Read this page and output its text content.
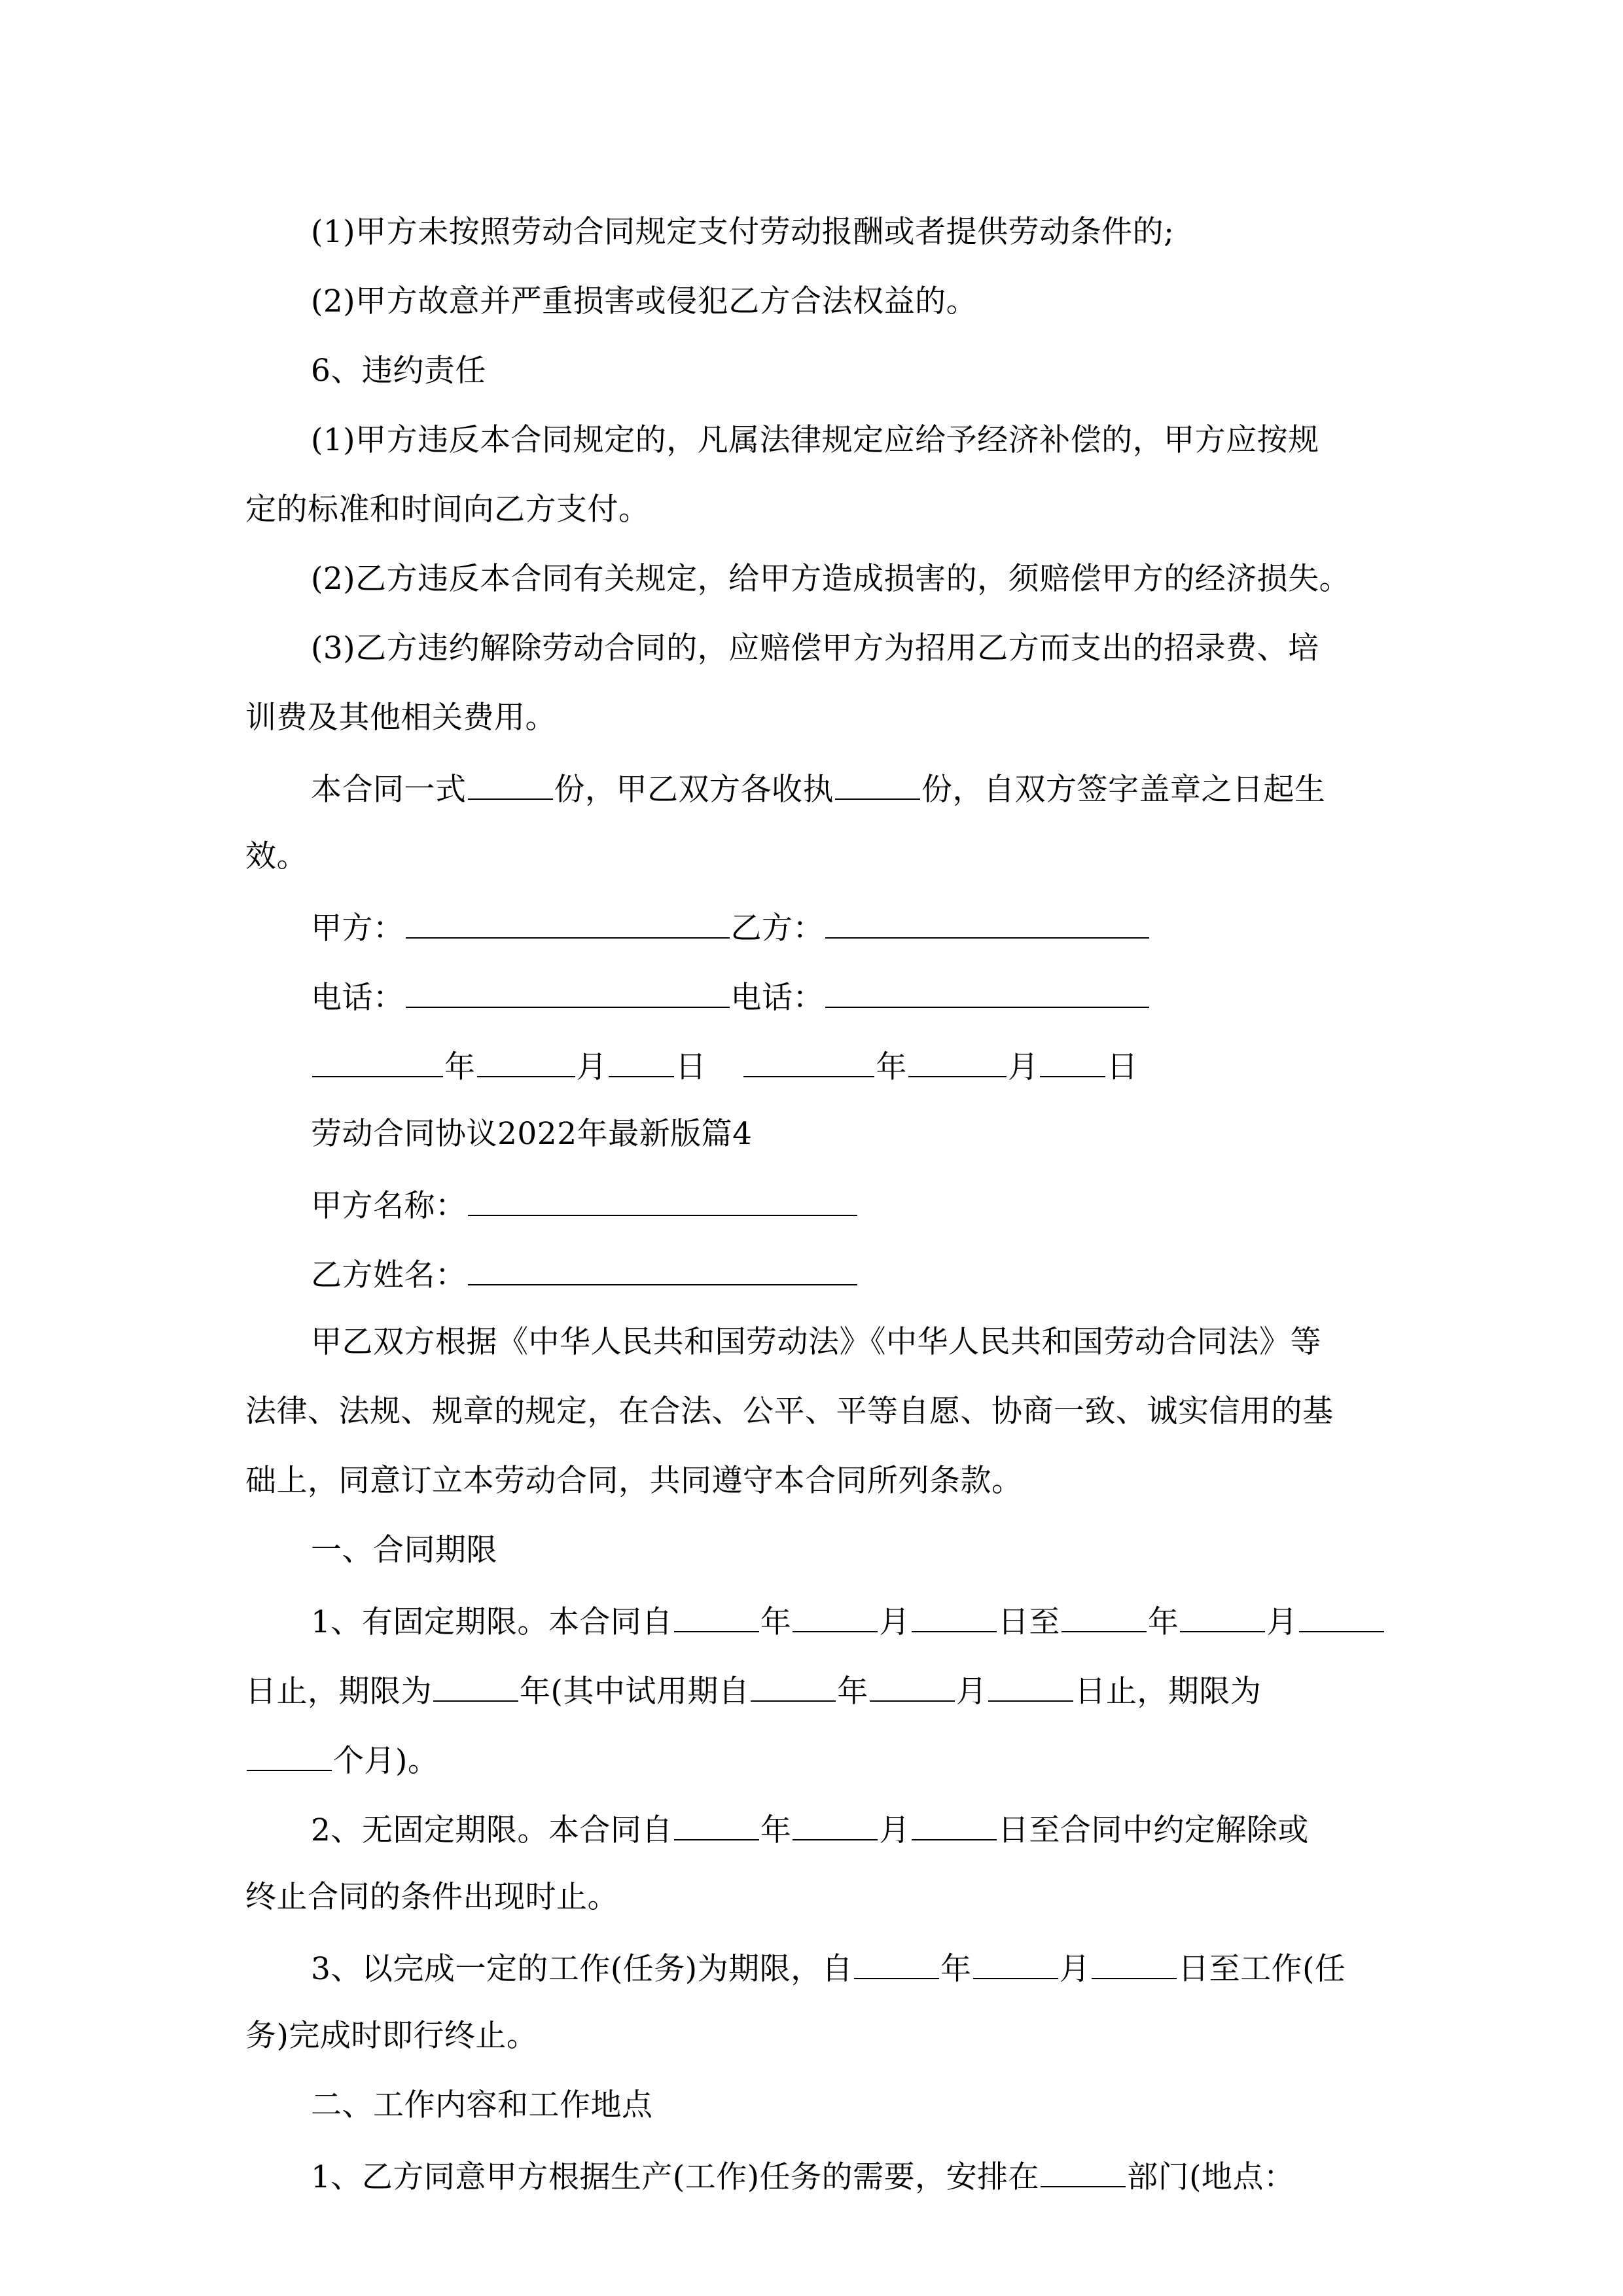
(1)甲方未按照劳动合同规定支付劳动报酬或者提供劳动条件的;
(2)甲方故意并严重损害或侵犯乙方合法权益的。
6、违约责任
(1)甲方违反本合同规定的，凡属法律规定应给予经济补偿的，甲方应按规
定的标准和时间向乙方支付。
(2)乙方违反本合同有关规定，给甲方造成损害的，须赔偿甲方的经济损失。
(3)乙方违约解除劳动合同的，应赔偿甲方为招用乙方而支出的招录费、培
训费及其他相关费用。
本合同一式	份，甲乙双方各收执	份，自双方签字盖章之日起生
效。
甲方：	乙方：
电话：	电话：
年	月 日	年	月 日
劳动合同协议2022年最新版篇4
甲方名称：
乙方姓名：
甲乙双方根据《中华人民共和国劳动法》《中华人民共和国劳动合同法》等
法律、法规、规章的规定，在合法、公平、平等自愿、协商一致、诚实信用的基
础上，同意订立本劳动合同，共同遵守本合同所列条款。
一、合同期限
1、有固定期限。本合同自	年	月	日至	年	月
日止，期限为	年(其中试用期自	年	月	日止，期限为
个月)。
2、无固定期限。本合同自	年	月	日至合同中约定解除或
终止合同的条件出现时止。
3、以完成一定的工作(任务)为期限，自	年	月	日至工作(任
务)完成时即行终止。
二、工作内容和工作地点
1、乙方同意甲方根据生产(工作)任务的需要，安排在	部门(地点：
